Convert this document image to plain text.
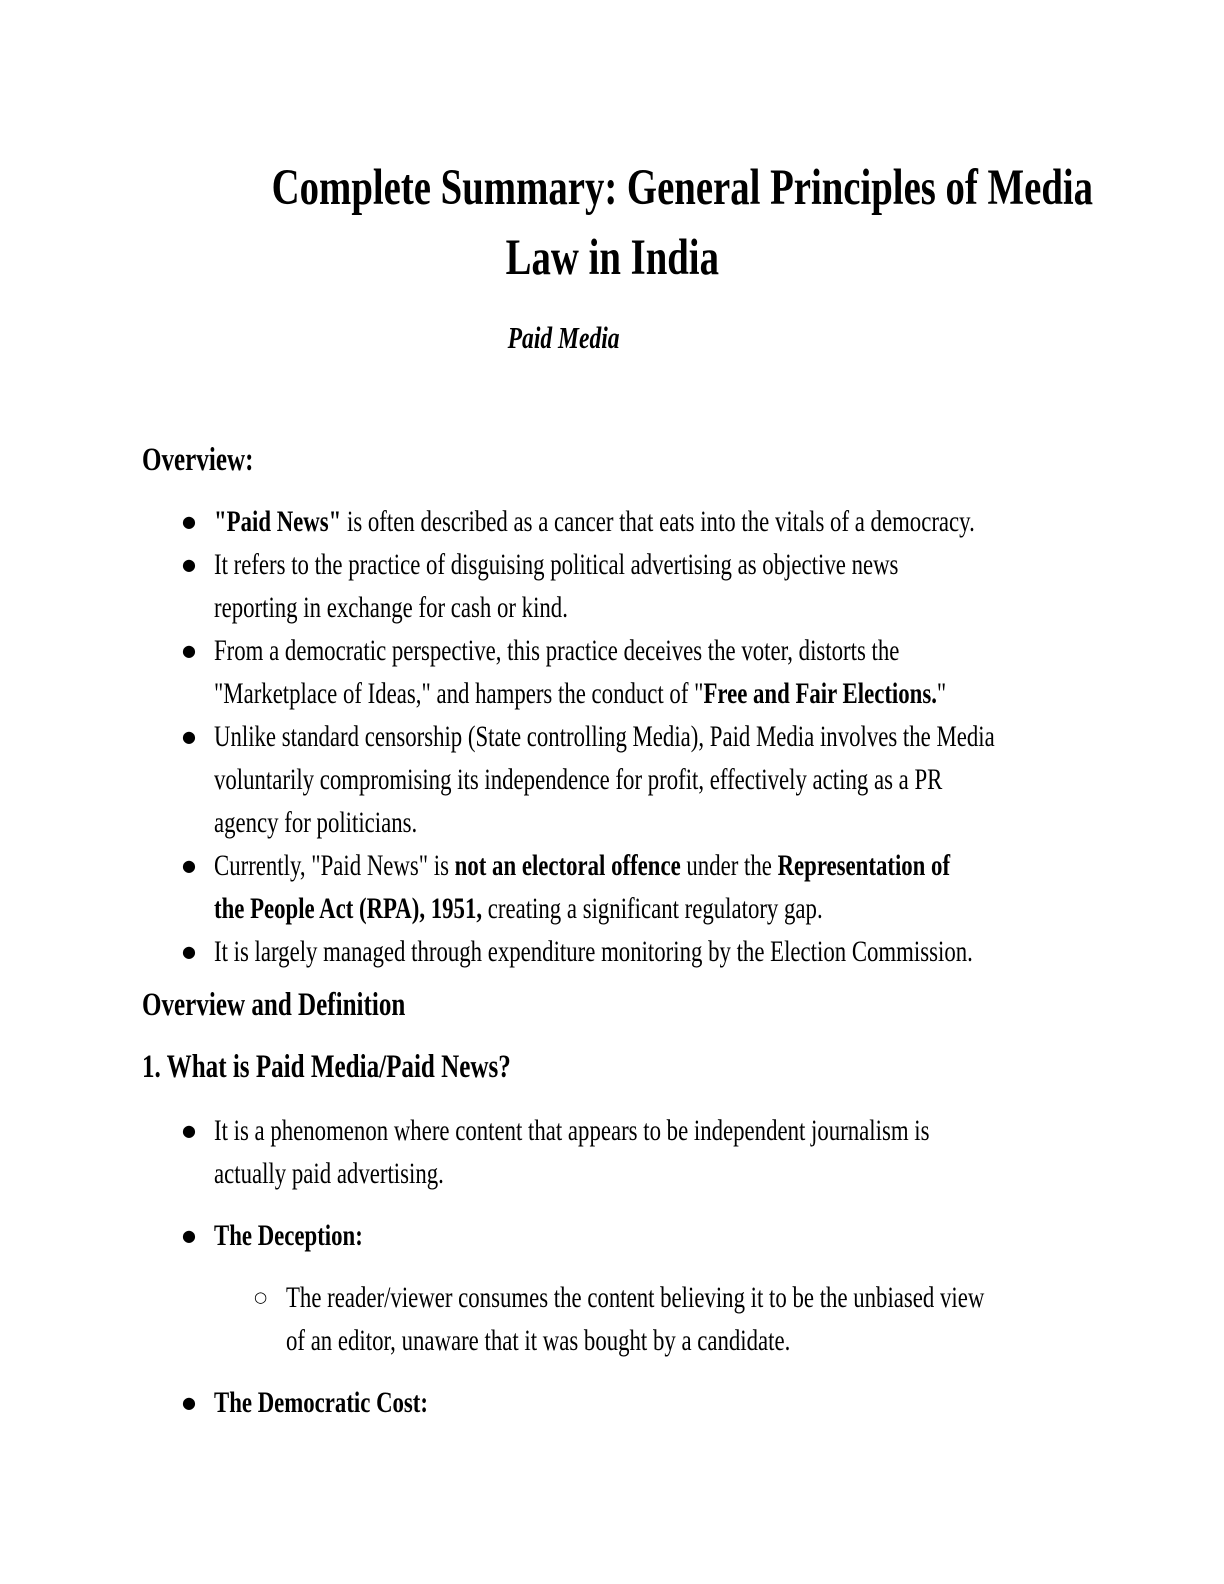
Complete Summary: General Principles of Media
Law in India
Paid Media
Overview:
● "Paid News" is often described as a cancer that eats into the vitals of a democracy.
● It refers to the practice of disguising political advertising as objective news
reporting in exchange for cash or kind.
● From a democratic perspective, this practice deceives the voter, distorts the
"Marketplace of Ideas," and hampers the conduct of "Free and Fair Elections."
● Unlike standard censorship (State controlling Media), Paid Media involves the Media
voluntarily compromising its independence for profit, effectively acting as a PR
agency for politicians.
● Currently, "Paid News" is not an electoral offence under the Representation of
the People Act (RPA), 1951, creating a significant regulatory gap.
● It is largely managed through expenditure monitoring by the Election Commission.
Overview and Definition
1. What is Paid Media/Paid News?
● It is a phenomenon where content that appears to be independent journalism is
actually paid advertising.
● The Deception:
○ The reader/viewer consumes the content believing it to be the unbiased view
of an editor, unaware that it was bought by a candidate.
● The Democratic Cost:
